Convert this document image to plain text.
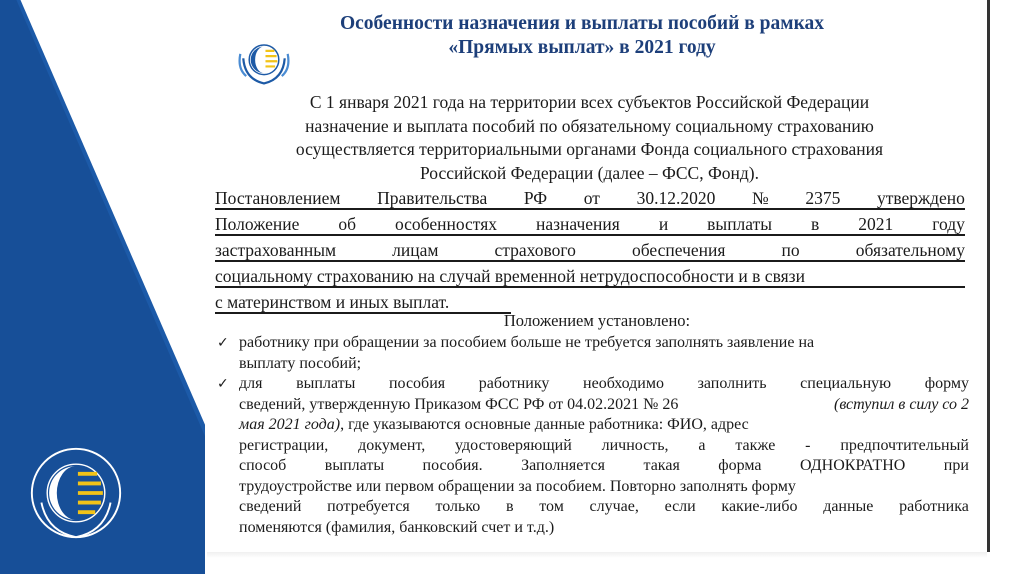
Особенности назначения и выплаты пособий в рамках
«Прямых выплат» в 2021 году
С 1 января 2021 года на территории всех субъектов Российской Федерации
назначение и выплата пособий по обязательному социальному страхованию
осуществляется территориальными органами Фонда социального страхования
Российской Федерации (далее – ФСС, Фонд).
Постановлением Правительства РФ от 30.12.2020 № 2375 утверждено
Положение об особенностях назначения и выплаты в 2021 году
застрахованным	лицам	страхового	обеспечения	по	обязательному
социальному страхованию на случай временной нетрудоспособности и в связи
с материнством и иных выплат.
Положением установлено:
✓ работнику при обращении за пособием больше не требуется заполнять заявление на
выплату пособий;
✓ для выплаты пособия работнику необходимо заполнить специальную форму
сведений, утвержденную Приказом ФСС РФ от 04.02.2021 № 26	(вступил в силу со 2
мая 2021 года) , где указываются основные данные работника: ФИО, адрес
регистрации, документ, удостоверяющий личность, а также - предпочтительный
способ выплаты пособия. Заполняется такая форма ОДНОКРАТНО при
трудоустройстве или первом обращении за пособием. Повторно заполнять форму
сведений потребуется только в том случае, если какие-либо данные работника
поменяются (фамилия, банковский счет и т.д.)
